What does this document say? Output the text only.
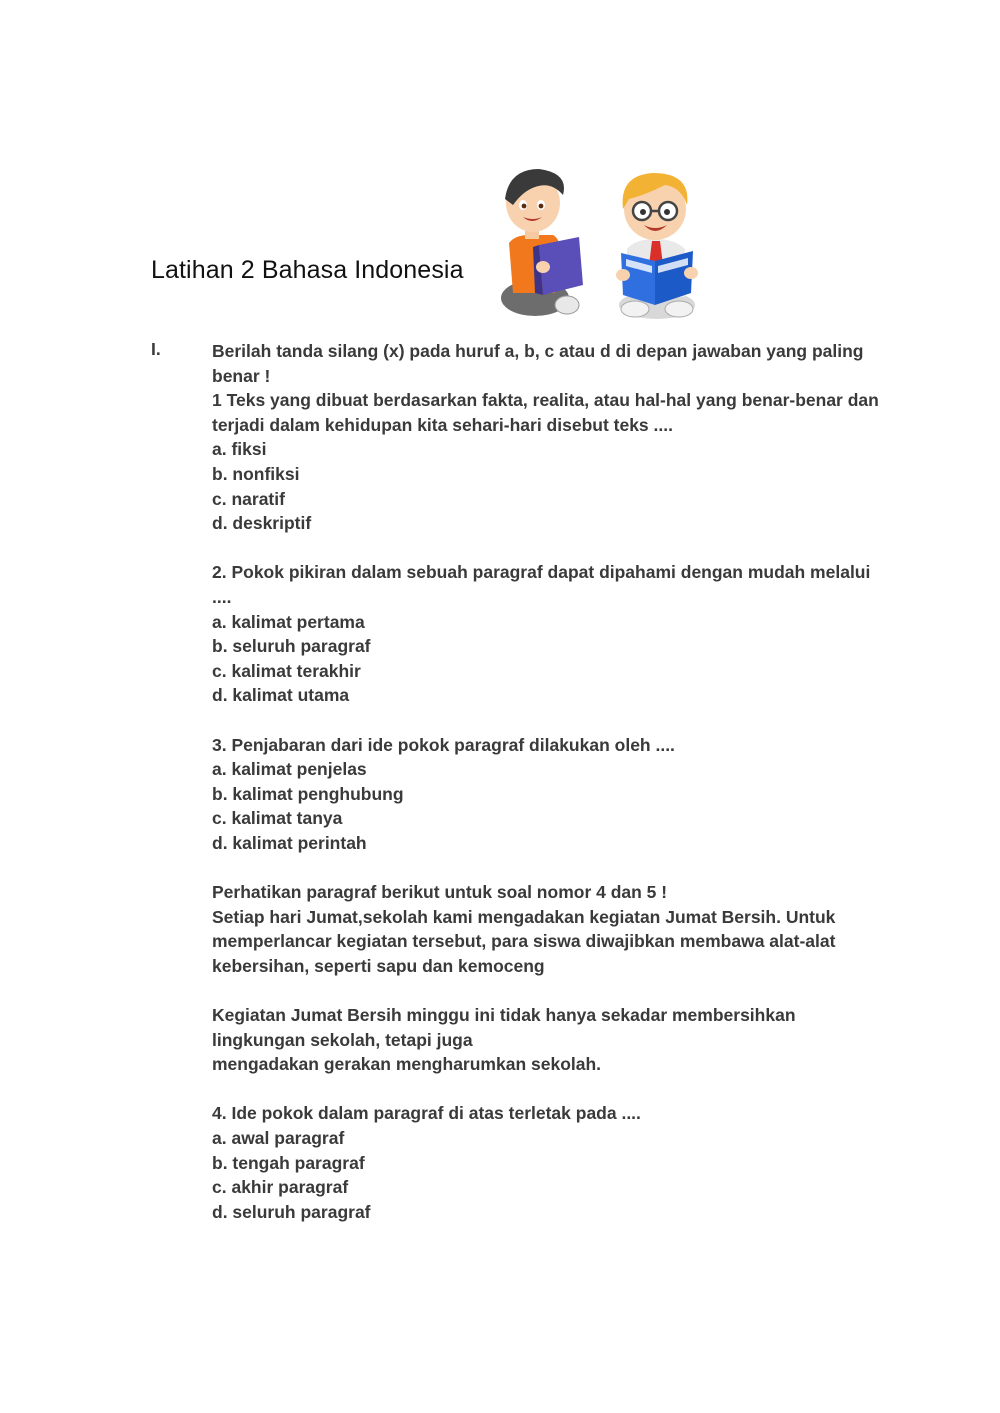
Latihan 2 Bahasa Indonesia
I.	Berilah tanda silang (x) pada huruf a, b, c atau d di depan jawaban yang paling benar !

1 Teks yang dibuat berdasarkan fakta, realita, atau hal-hal yang benar-benar dan terjadi dalam kehidupan kita sehari-hari disebut teks ....

a. fiksi

b. nonfiksi

c. naratif

d. deskriptif

2. Pokok pikiran dalam sebuah paragraf dapat dipahami dengan mudah melalui ....

a. kalimat pertama

b. seluruh paragraf

c. kalimat terakhir

d. kalimat utama

3. Penjabaran dari ide pokok paragraf dilakukan oleh ....

a. kalimat penjelas

b. kalimat penghubung

c. kalimat tanya

d. kalimat perintah

Perhatikan paragraf berikut untuk soal nomor 4 dan 5 !

Setiap hari Jumat,sekolah kami mengadakan kegiatan Jumat Bersih. Untuk memperlancar kegiatan tersebut, para siswa diwajibkan membawa alat-alat kebersihan, seperti sapu dan kemoceng

Kegiatan Jumat Bersih minggu ini tidak hanya sekadar membersihkan lingkungan sekolah, tetapi juga

mengadakan gerakan mengharumkan sekolah.

4. Ide pokok dalam paragraf di atas terletak pada ....

a. awal paragraf

b. tengah paragraf

c. akhir paragraf

d. seluruh paragraf
